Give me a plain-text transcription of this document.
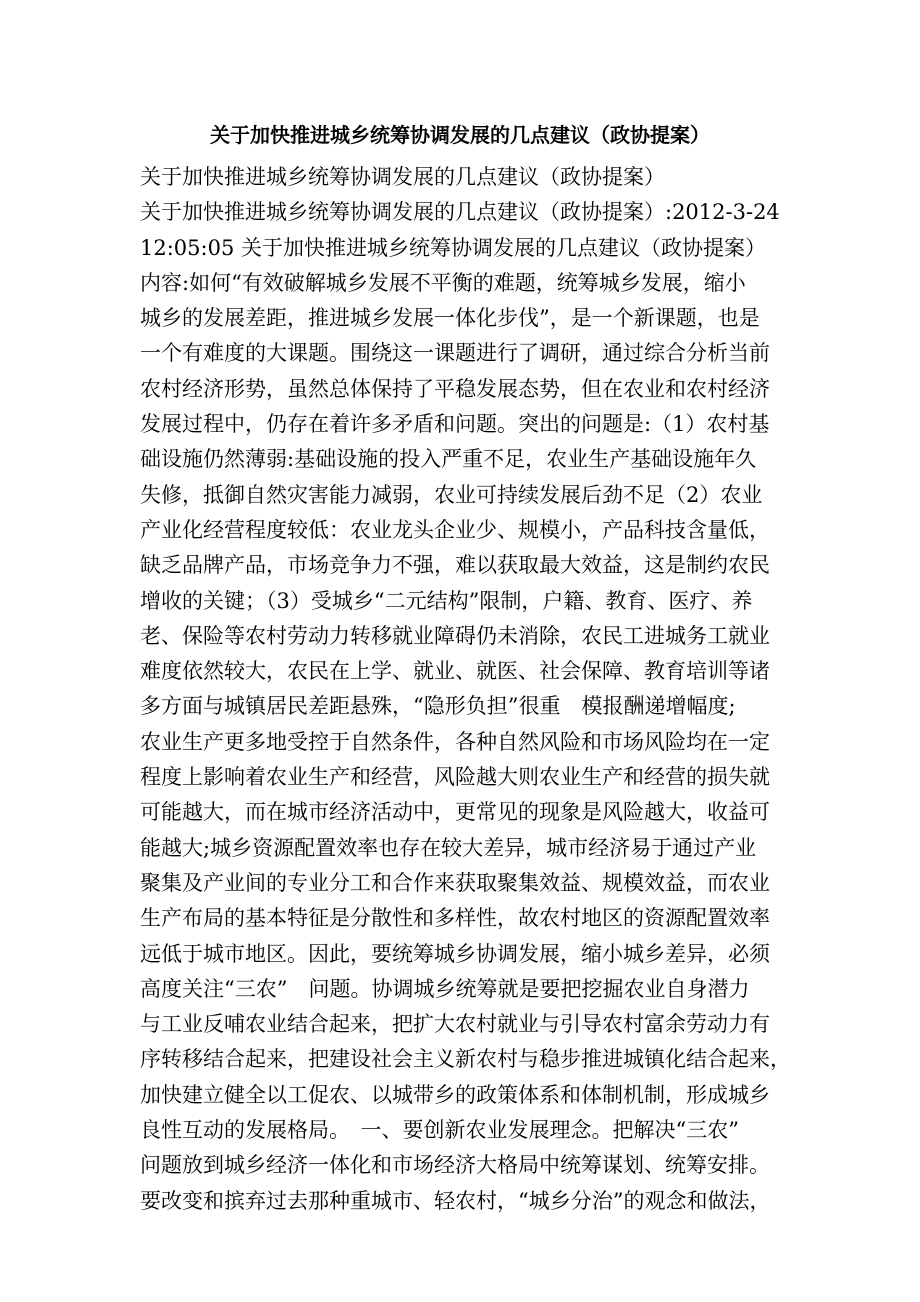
关于加快推进城乡统筹协调发展的几点建议（政协提案）
关于加快推进城乡统筹协调发展的几点建议（政协提案）
关于加快推进城乡统筹协调发展的几点建议（政协提案）:2012-3-24
12:05:05 关于加快推进城乡统筹协调发展的几点建议（政协提案）
内容:如何“有效破解城乡发展不平衡的难题，统筹城乡发展，缩小
城乡的发展差距，推进城乡发展一体化步伐”，是一个新课题，也是
一个有难度的大课题。围绕这一课题进行了调研，通过综合分析当前
农村经济形势，虽然总体保持了平稳发展态势，但在农业和农村经济
发展过程中，仍存在着许多矛盾和问题。突出的问题是:（1）农村基
础设施仍然薄弱:基础设施的投入严重不足，农业生产基础设施年久
失修，抵御自然灾害能力减弱，农业可持续发展后劲不足（2）农业
产业化经营程度较低：农业龙头企业少、规模小，产品科技含量低，
缺乏品牌产品，市场竞争力不强，难以获取最大效益，这是制约农民
增收的关键；（3）受城乡“二元结构”限制，户籍、教育、医疗、养
老、保险等农村劳动力转移就业障碍仍未消除，农民工进城务工就业
难度依然较大，农民在上学、就业、就医、社会保障、教育培训等诸
多方面与城镇居民差距悬殊，“隐形负担”很重　模报酬递增幅度;
农业生产更多地受控于自然条件，各种自然风险和市场风险均在一定
程度上影响着农业生产和经营，风险越大则农业生产和经营的损失就
可能越大，而在城市经济活动中，更常见的现象是风险越大，收益可
能越大;城乡资源配置效率也存在较大差异，城市经济易于通过产业
聚集及产业间的专业分工和合作来获取聚集效益、规模效益，而农业
生产布局的基本特征是分散性和多样性，故农村地区的资源配置效率
远低于城市地区。因此，要统筹城乡协调发展，缩小城乡差异，必须
高度关注“三农”　问题。协调城乡统筹就是要把挖掘农业自身潜力
与工业反哺农业结合起来，把扩大农村就业与引导农村富余劳动力有
序转移结合起来，把建设社会主义新农村与稳步推进城镇化结合起来，
加快建立健全以工促农、以城带乡的政策体系和体制机制，形成城乡
良性互动的发展格局。　一、要创新农业发展理念。把解决“三农”
问题放到城乡经济一体化和市场经济大格局中统筹谋划、统筹安排。
要改变和摈弃过去那种重城市、轻农村，“城乡分治”的观念和做法，
